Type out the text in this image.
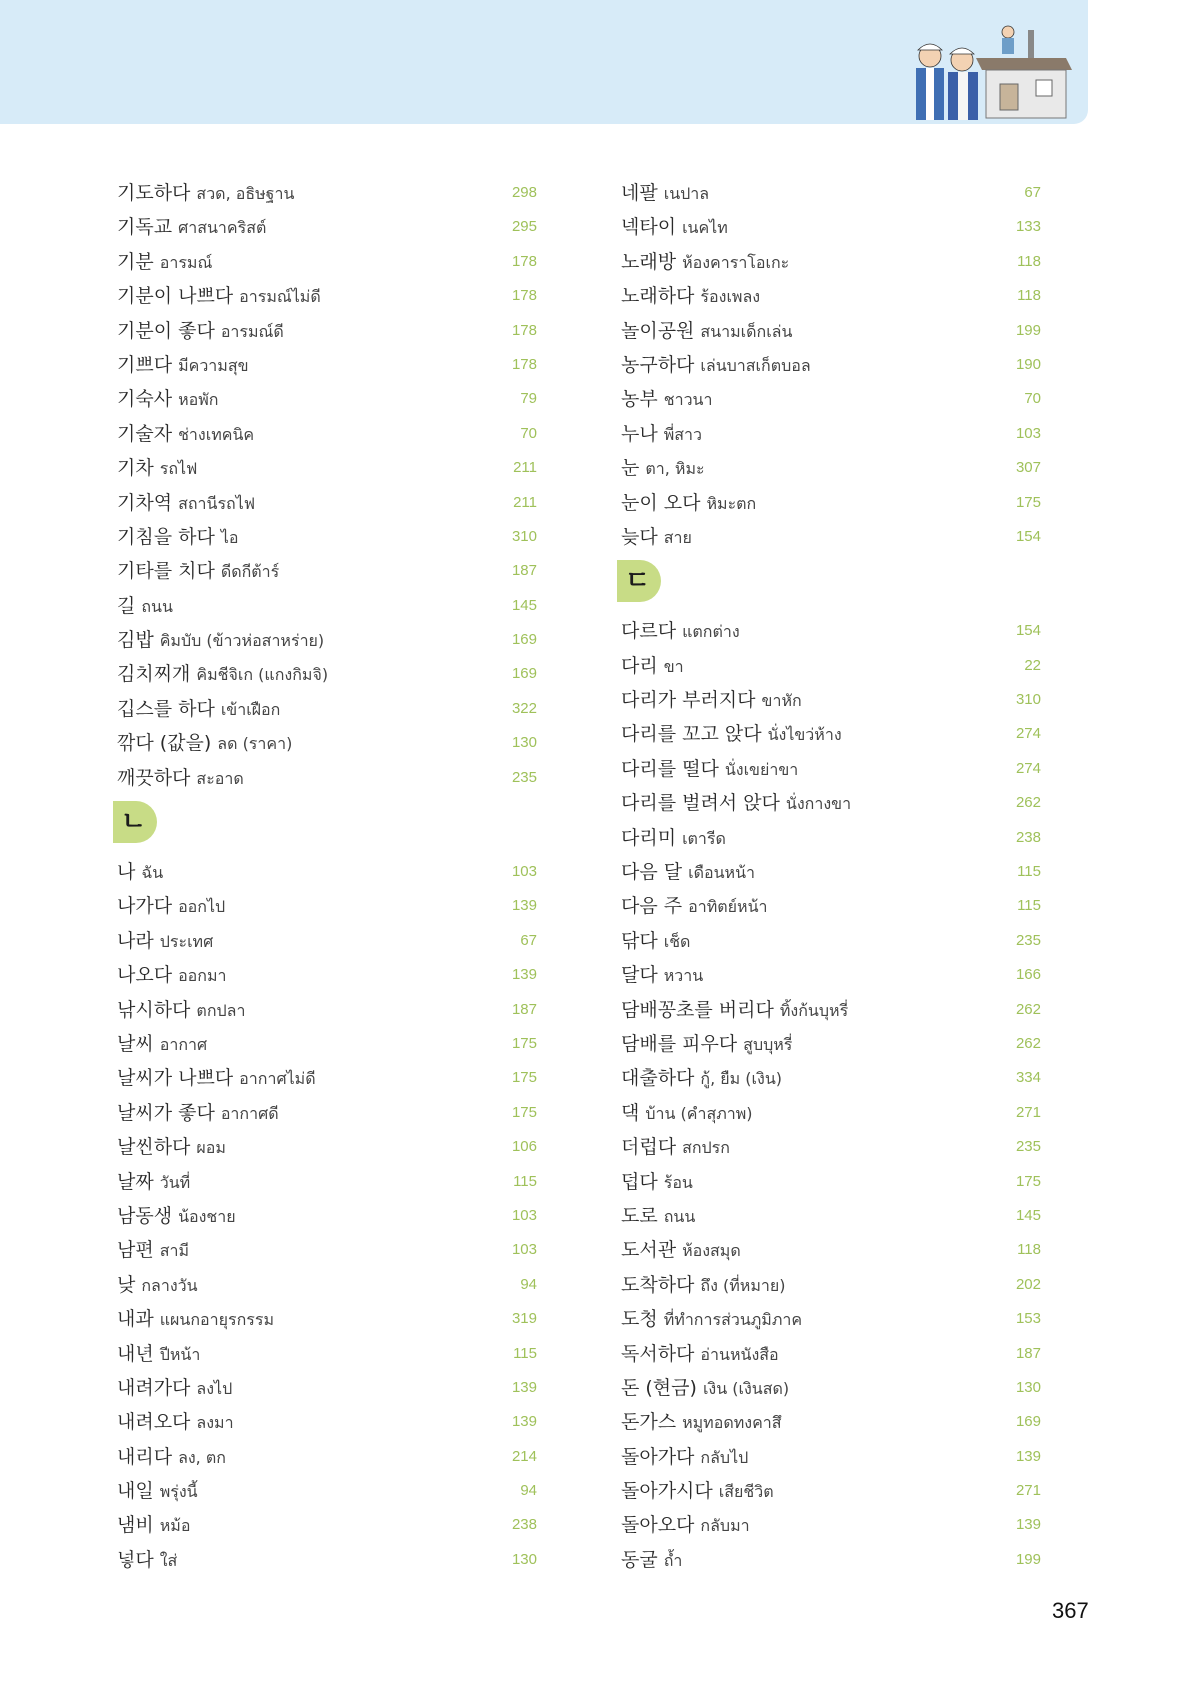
기도하다 สวด, อธิษฐาน	298
기독교 ศาสนาคริสต์	295
기분 อารมณ์	178
기분이 나쁘다 อารมณ์ไม่ดี	178
기분이 좋다 อารมณ์ดี	178
기쁘다 มีความสุข	178
기숙사 หอพัก	79
기술자 ช่างเทคนิค	70
기차 รถไฟ	211
기차역 สถานีรถไฟ	211
기침을 하다 ไอ	310
기타를 치다 ดีดกีต้าร์	187
길 ถนน	145
김밥 คิมบับ (ข้าวห่อสาหร่าย)	169
김치찌개 คิมชีจิเก (แกงกิมจิ)	169
깁스를 하다 เข้าเฝือก	322
깎다 (값을) ลด (ราคา)	130
깨끗하다 สะอาด	235
ㄴ
나 ฉัน	103
나가다 ออกไป	139
나라 ประเทศ	67
나오다 ออกมา	139
낚시하다 ตกปลา	187
날씨 อากาศ	175
날씨가 나쁘다 อากาศไม่ดี	175
날씨가 좋다 อากาศดี	175
날씬하다 ผอม	106
날짜 วันที่	115
남동생 น้องชาย	103
남편 สามี	103
낮 กลางวัน	94
내과 แผนกอายุรกรรม	319
내년 ปีหน้า	115
내려가다 ลงไป	139
내려오다 ลงมา	139
내리다 ลง, ตก	214
내일 พรุ่งนี้	94
냄비 หม้อ	238
넣다 ใส่	130
네팔 เนปาล	67
넥타이 เนคไท	133
노래방 ห้องคาราโอเกะ	118
노래하다 ร้องเพลง	118
놀이공원 สนามเด็กเล่น	199
농구하다 เล่นบาสเก็ตบอล	190
농부 ชาวนา	70
누나 พี่สาว	103
눈 ตา, หิมะ	307
눈이 오다 หิมะตก	175
늦다 สาย	154
ㄷ
다르다 แตกต่าง	154
다리 ขา	22
다리가 부러지다 ขาหัก	310
다리를 꼬고 앉다 นั่งไขว่ห้าง	274
다리를 떨다 นั่งเขย่าขา	274
다리를 벌려서 앉다 นั่งกางขา	262
다리미 เตารีด	238
다음 달 เดือนหน้า	115
다음 주 อาทิตย์หน้า	115
닦다 เช็ด	235
달다 หวาน	166
담배꽁초를 버리다 ทิ้งก้นบุหรี่	262
담배를 피우다 สูบบุหรี่	262
대출하다 กู้, ยืม (เงิน)	334
댁 บ้าน (คำสุภาพ)	271
더럽다 สกปรก	235
덥다 ร้อน	175
도로 ถนน	145
도서관 ห้องสมุด	118
도착하다 ถึง (ที่หมาย)	202
도청 ที่ทำการส่วนภูมิภาค	153
독서하다 อ่านหนังสือ	187
돈 (현금) เงิน (เงินสด)	130
돈가스 หมูทอดทงคาสึ	169
돌아가다 กลับไป	139
돌아가시다 เสียชีวิต	271
돌아오다 กลับมา	139
동굴 ถ้ำ	199
367
